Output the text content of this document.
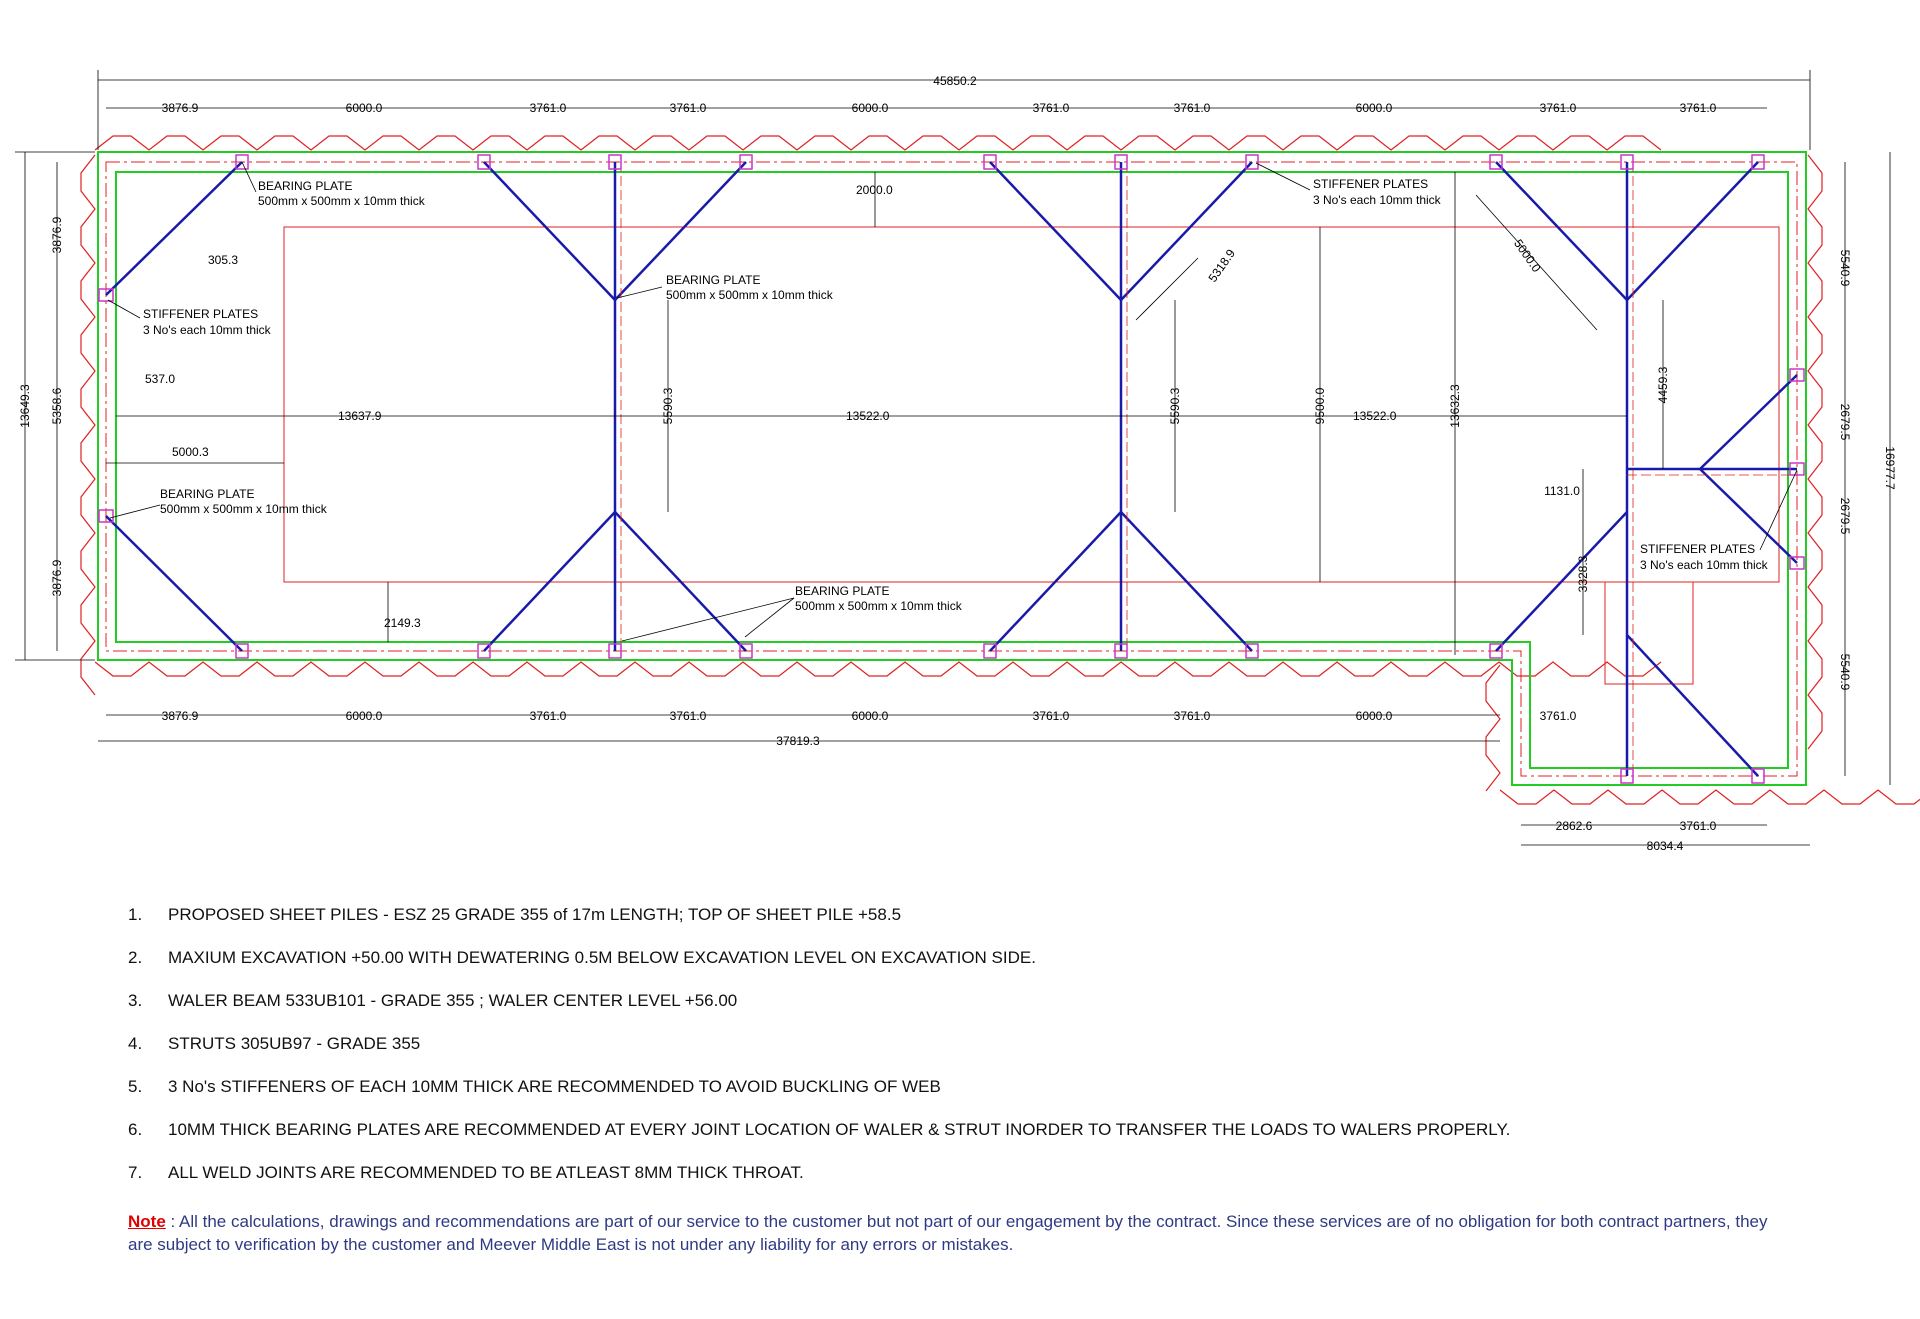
45850.2
3876.9	6000.0	3761.0	3761.0	6000.0	3761.0	3761.0	6000.0	3761.0	3761.0
3876.9	6000.0	3761.0	3761.0	6000.0	3761.0	3761.0	6000.0	3761.0
37819.3
2862.6	3761.0
8034.4
13649.3
3876.9
5358.6
3876.9
16977.7
5540.9
2679.5
2679.5
5540.9
305.3
537.0
5000.3
2149.3
2000.0
13637.9	13522.0	13522.0
5590.3	5590.3	9500.0	13632.3
5318.9	5000.0
4459.3
1131.0
3328.3
BEARING PLATE
500mm x 500mm x 10mm thick
STIFFENER PLATES
3 No's each 10mm thick
BEARING PLATE
500mm x 500mm x 10mm thick
BEARING PLATE
500mm x 500mm x 10mm thick
BEARING PLATE
500mm x 500mm x 10mm thick
STIFFENER PLATES
3 No's each 10mm thick
STIFFENER PLATES
3 No's each 10mm thick
1.	PROPOSED SHEET PILES - ESZ 25 GRADE 355 of 17m LENGTH; TOP OF SHEET PILE +58.5
2.	MAXIUM EXCAVATION +50.00 WITH DEWATERING 0.5M BELOW EXCAVATION LEVEL ON EXCAVATION SIDE.
3.	WALER BEAM 533UB101 - GRADE 355 ; WALER CENTER LEVEL +56.00
4.	STRUTS 305UB97 - GRADE 355
5.	3 No's STIFFENERS OF EACH 10MM THICK ARE RECOMMENDED TO AVOID BUCKLING OF WEB
6.	10MM THICK BEARING PLATES ARE RECOMMENDED AT EVERY JOINT LOCATION OF WALER & STRUT INORDER TO TRANSFER THE LOADS TO WALERS PROPERLY.
7.	ALL WELD JOINTS ARE RECOMMENDED TO BE ATLEAST 8MM THICK THROAT.
Note : All the calculations, drawings and recommendations are part of our service to the customer but not part of our engagement by the contract. Since these services are of no obligation for both contract partners, they are subject to verification by the customer and Meever Middle East is not under any liability for any errors or mistakes.
